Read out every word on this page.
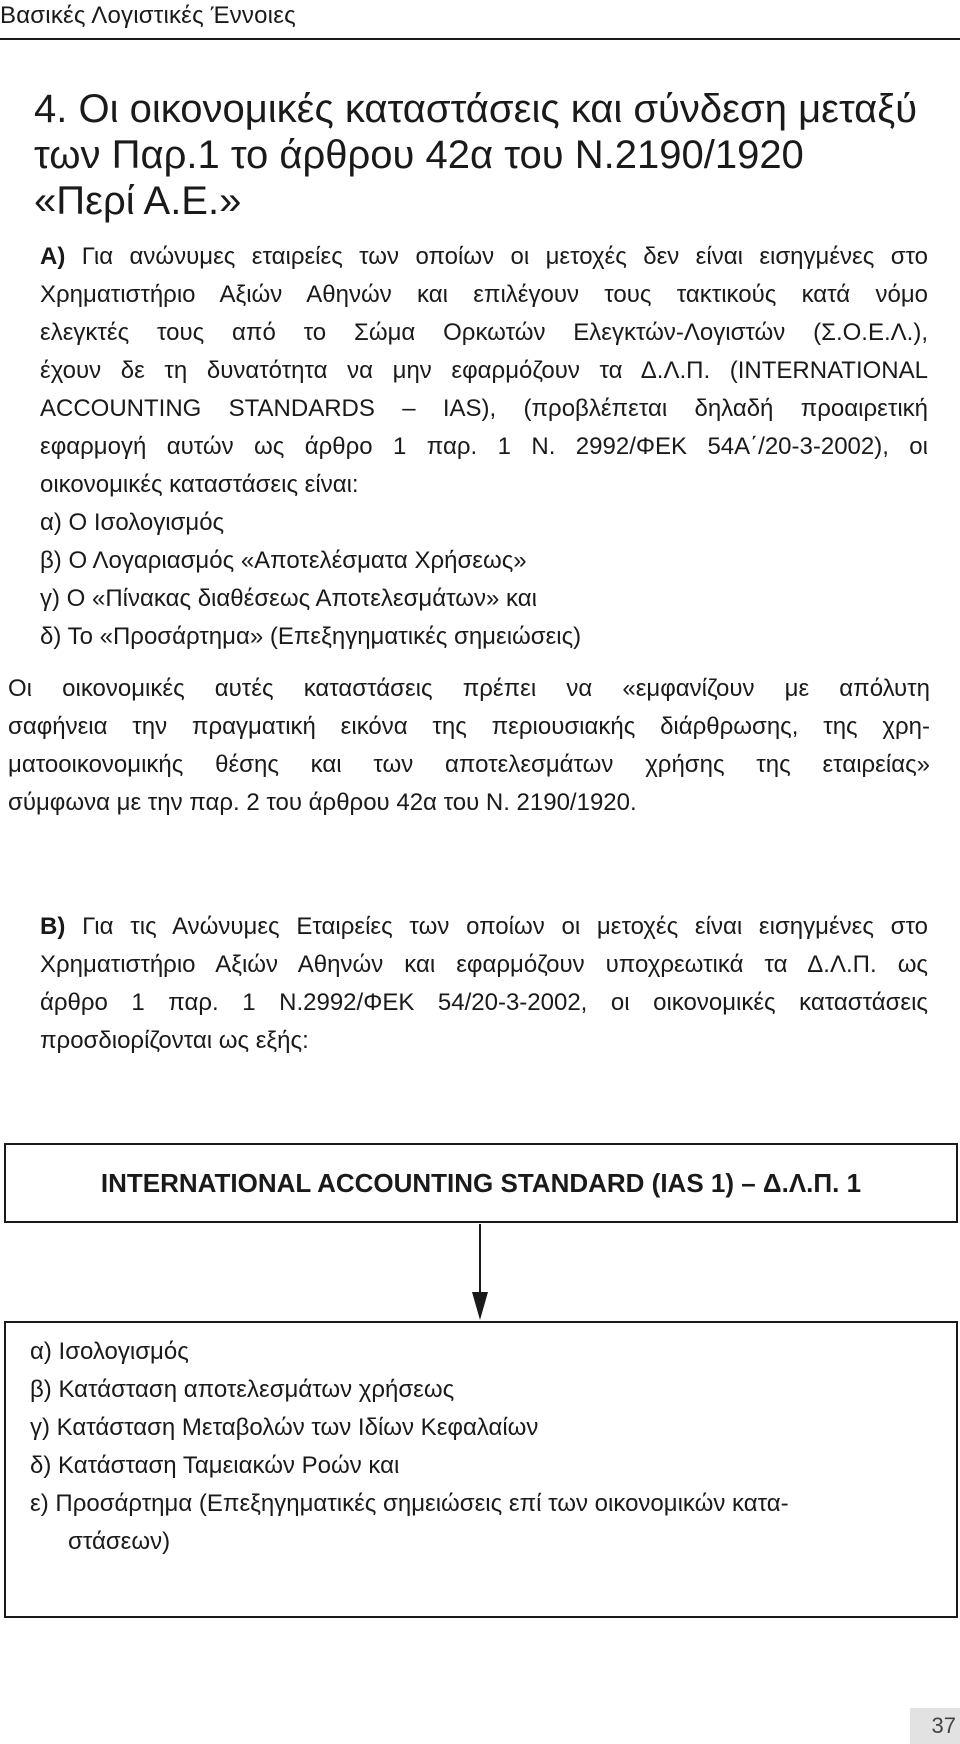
Βασικές Λογιστικές Έννοιες
4. Οι οικονομικές καταστάσεις και σύνδεση μεταξύ
των Παρ.1 το άρθρου 42α του Ν.2190/1920
«Περί Α.Ε.»
A) Για ανώνυμες εταιρείες των οποίων οι μετοχές δεν είναι εισηγμένες στο
Χρηματιστήριο Αξιών Αθηνών και επιλέγουν τους τακτικούς κατά νόμο
ελεγκτές τους από το Σώμα Ορκωτών Ελεγκτών-Λογιστών (Σ.Ο.Ε.Λ.),
έχουν δε τη δυνατότητα να μην εφαρμόζουν τα Δ.Λ.Π. (INTERNATIONAL
ACCOUNTING STANDARDS – IAS), (προβλέπεται δηλαδή προαιρετική
εφαρμογή αυτών ως άρθρο 1 παρ. 1 Ν. 2992/ΦΕΚ 54Α΄/20-3-2002), οι
οικονομικές καταστάσεις είναι:
α) Ο Ισολογισμός
β) Ο Λογαριασμός «Αποτελέσματα Χρήσεως»
γ) Ο «Πίνακας διαθέσεως Αποτελεσμάτων» και
δ) Το «Προσάρτημα» (Επεξηγηματικές σημειώσεις)
Οι οικονομικές αυτές καταστάσεις πρέπει να «εμφανίζουν με απόλυτη
σαφήνεια την πραγματική εικόνα της περιουσιακής διάρθρωσης, της χρη-
ματοοικονομικής θέσης και των αποτελεσμάτων χρήσης της εταιρείας»
σύμφωνα με την παρ. 2 του άρθρου 42α του Ν. 2190/1920.
B) Για τις Ανώνυμες Εταιρείες των οποίων οι μετοχές είναι εισηγμένες στο
Χρηματιστήριο Αξιών Αθηνών και εφαρμόζουν υποχρεωτικά τα Δ.Λ.Π. ως
άρθρο 1 παρ. 1 Ν.2992/ΦΕΚ 54/20-3-2002, οι οικονομικές καταστάσεις
προσδιορίζονται ως εξής:
INTERNATIONAL ACCOUNTING STANDARD (IAS 1) – Δ.Λ.Π. 1
α) Ισολογισμός
β) Κατάσταση αποτελεσμάτων χρήσεως
γ) Κατάσταση Μεταβολών των Ιδίων Κεφαλαίων
δ) Κατάσταση Ταμειακών Ροών και
ε) Προσάρτημα (Επεξηγηματικές σημειώσεις επί των οικονομικών κατα-
στάσεων)
37
